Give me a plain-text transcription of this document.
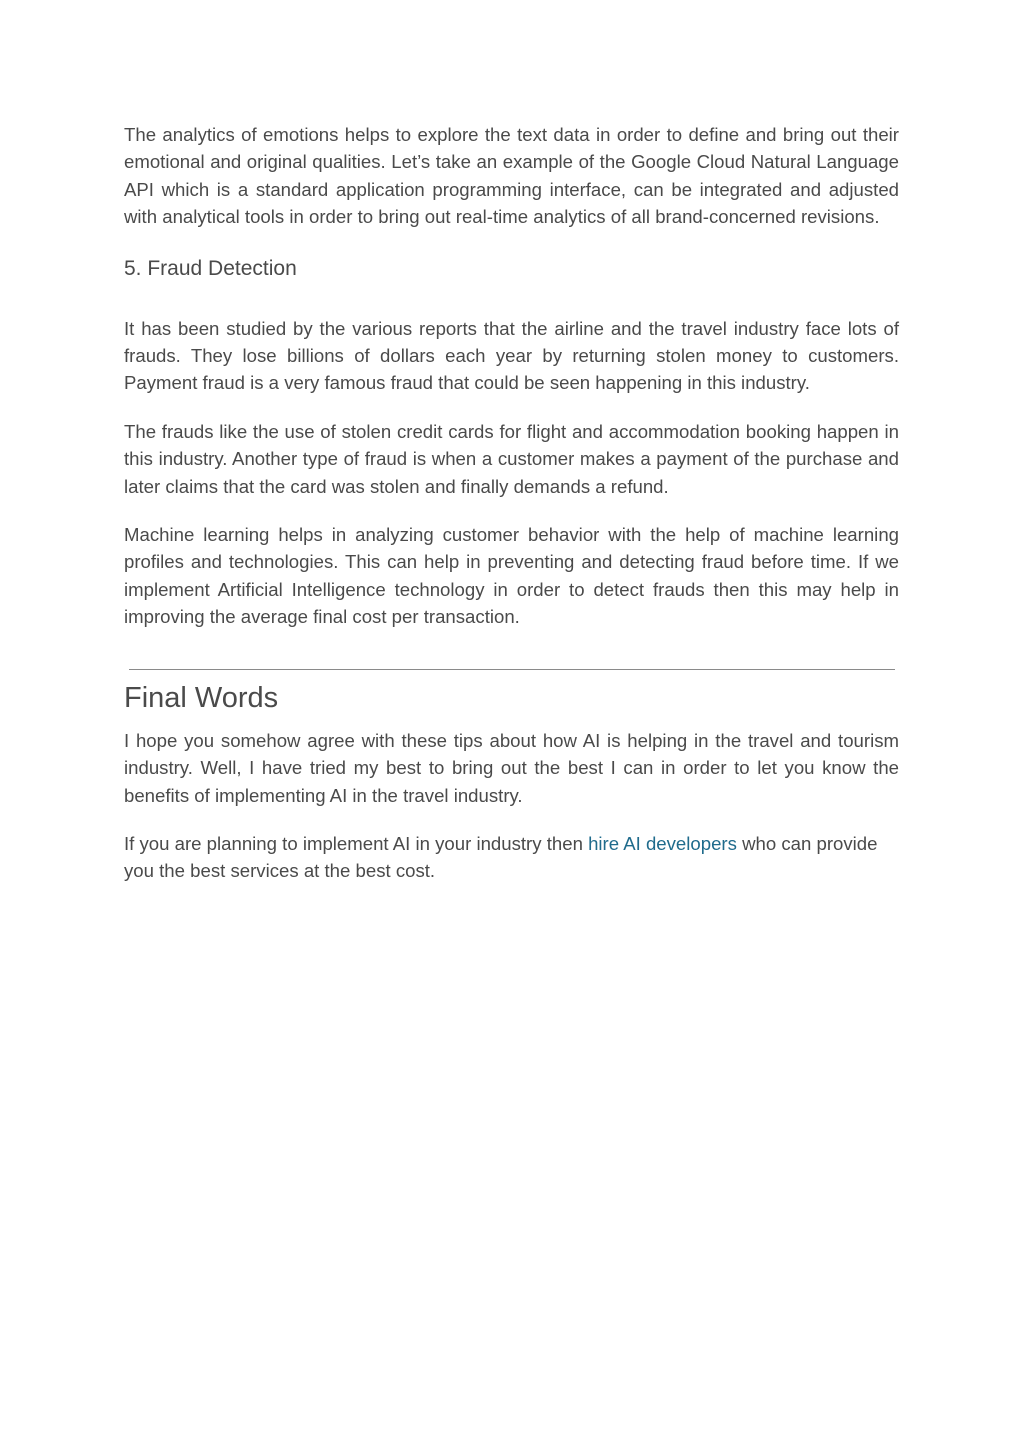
The analytics of emotions helps to explore the text data in order to define and bring out their emotional and original qualities. Let’s take an example of the Google Cloud Natural Language API which is a standard application programming interface, can be integrated and adjusted with analytical tools in order to bring out real-time analytics of all brand-concerned revisions.

5. Fraud Detection

It has been studied by the various reports that the airline and the travel industry face lots of frauds. They lose billions of dollars each year by returning stolen money to customers. Payment fraud is a very famous fraud that could be seen happening in this industry.

The frauds like the use of stolen credit cards for flight and accommodation booking happen in this industry. Another type of fraud is when a customer makes a payment of the purchase and later claims that the card was stolen and finally demands a refund.

Machine learning helps in analyzing customer behavior with the help of machine learning profiles and technologies. This can help in preventing and detecting fraud before time. If we implement Artificial Intelligence technology in order to detect frauds then this may help in improving the average final cost per transaction.

Final Words

I hope you somehow agree with these tips about how AI is helping in the travel and tourism industry. Well, I have tried my best to bring out the best I can in order to let you know the benefits of implementing AI in the travel industry.

If you are planning to implement AI in your industry then hire AI developers who can provide you the best services at the best cost.
